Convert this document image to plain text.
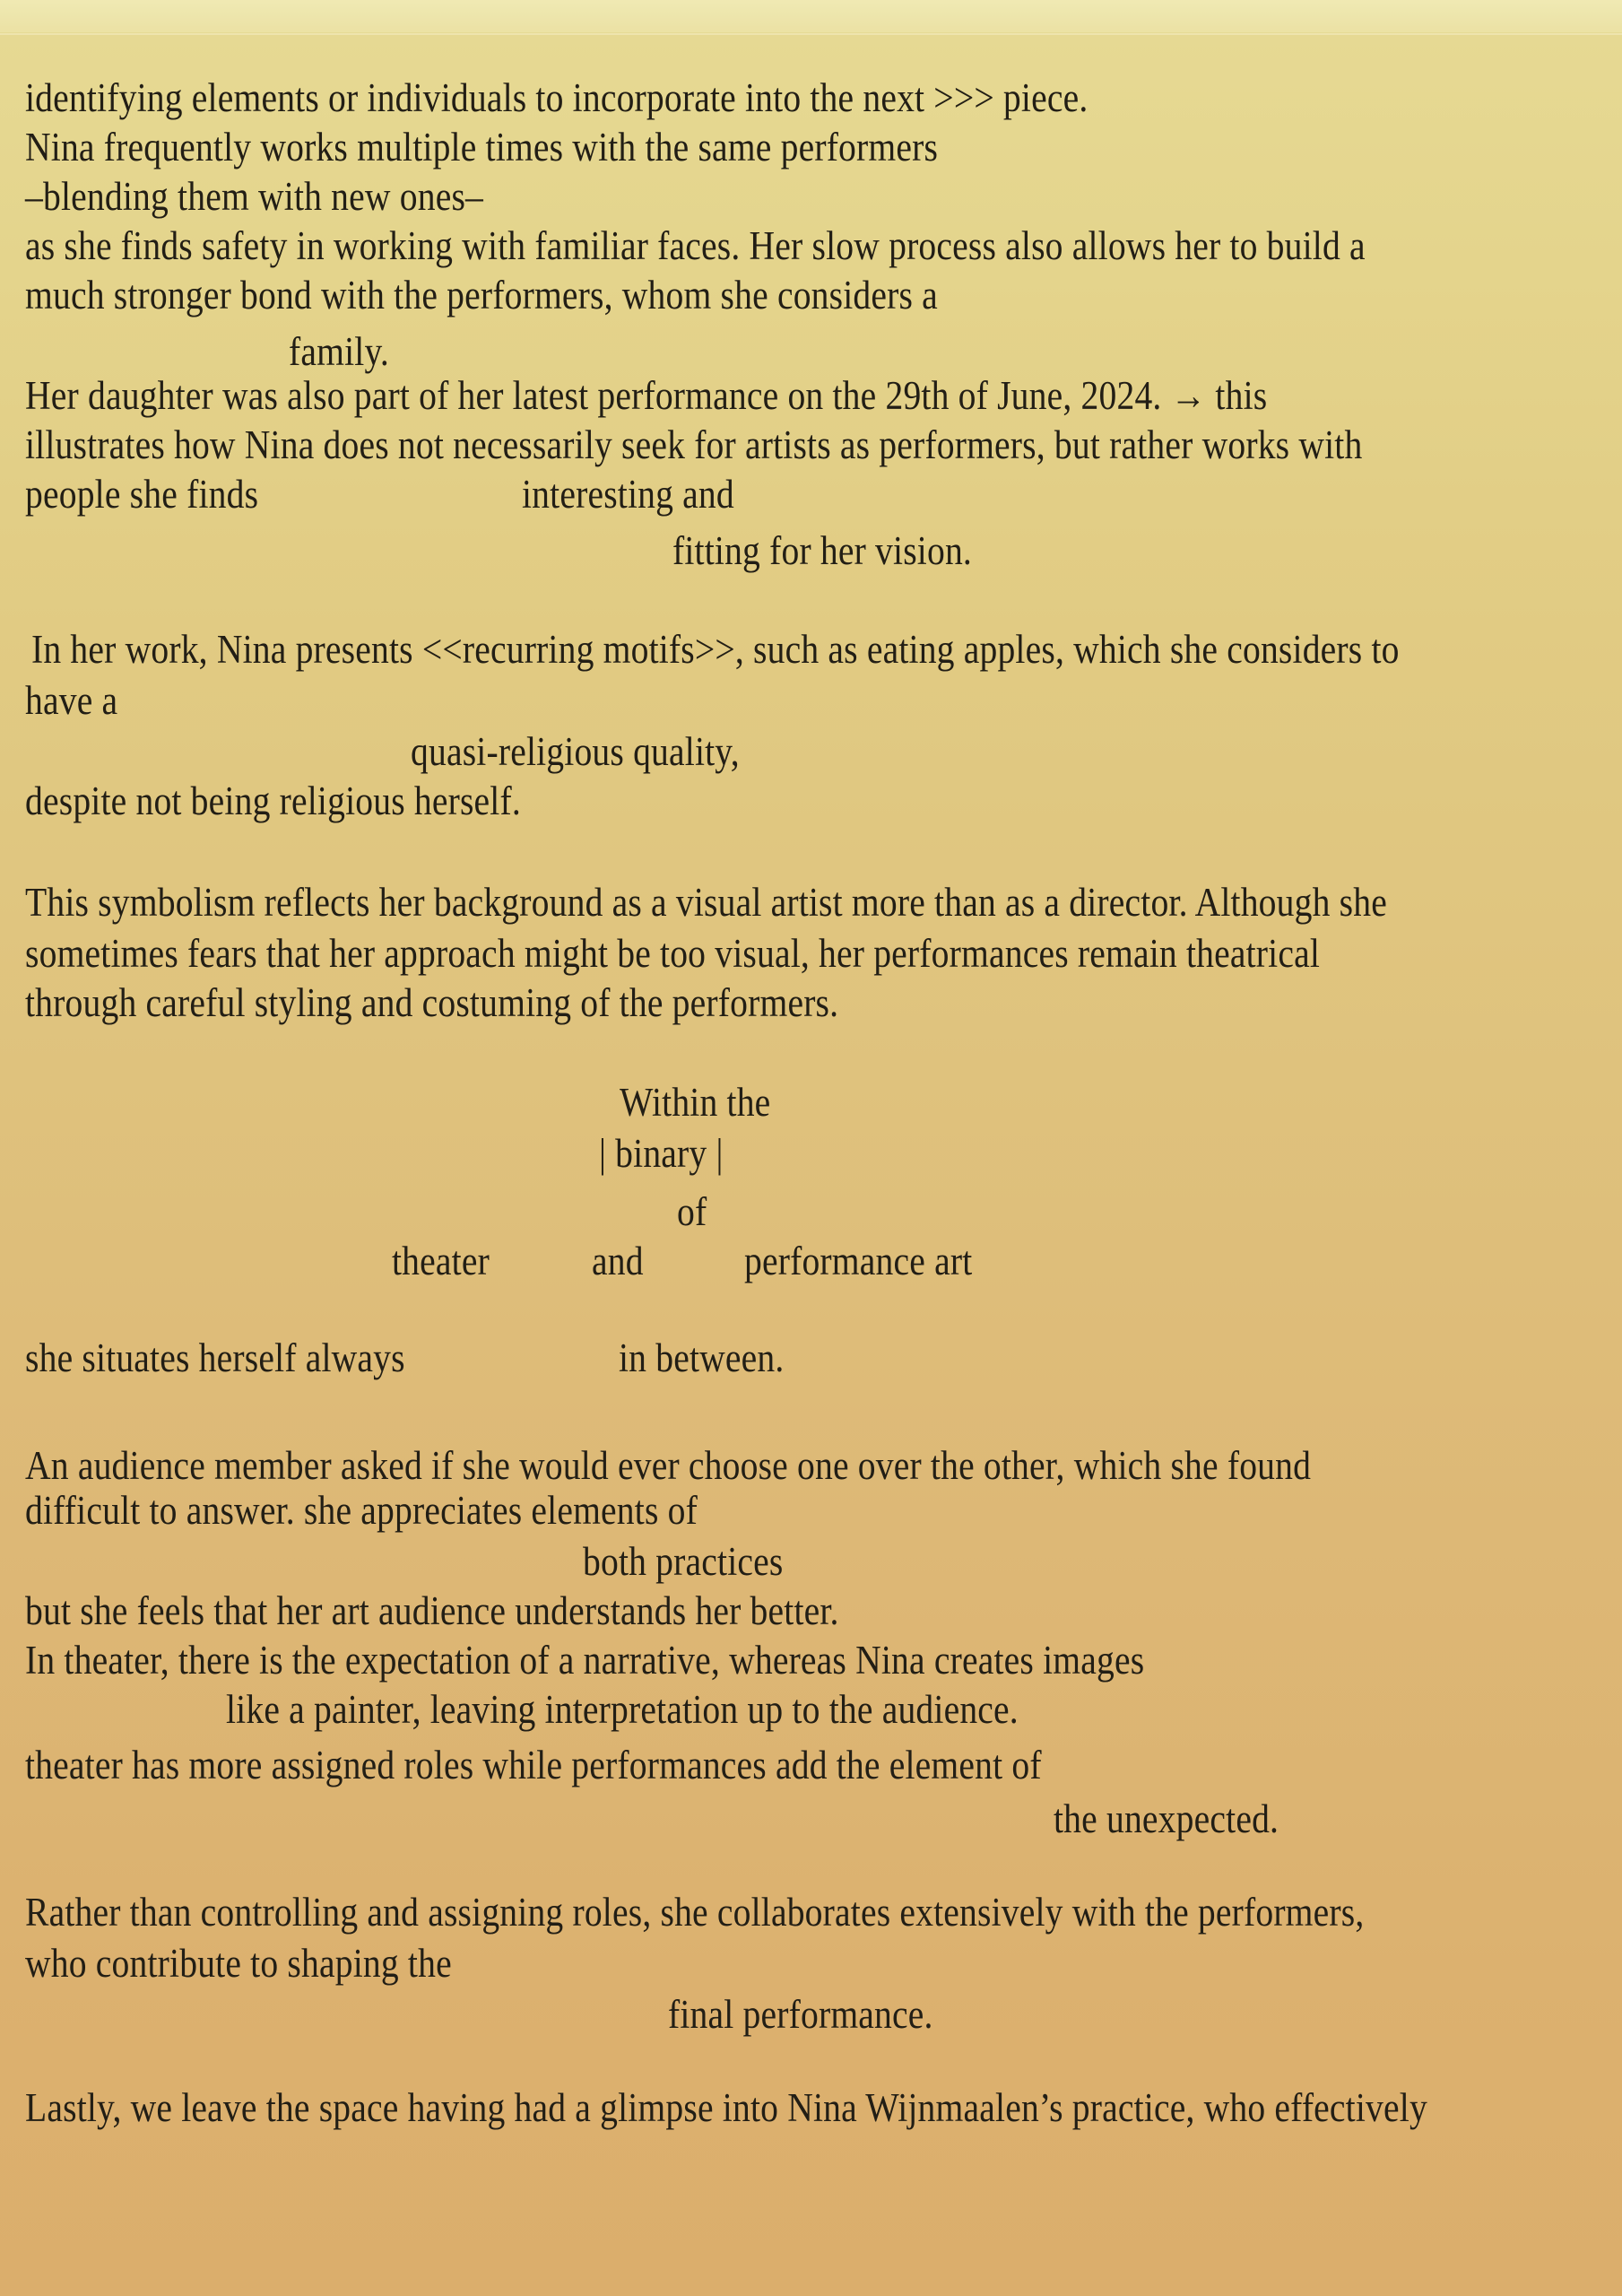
identifying elements or individuals to incorporate into the next >>> piece.
Nina frequently works multiple times with the same performers
–blending them with new ones–
as she finds safety in working with familiar faces. Her slow process also allows her to build a
much stronger bond with the performers, whom she considers a
family.
Her daughter was also part of her latest performance on the 29th of June, 2024. → this
illustrates how Nina does not necessarily seek for artists as performers, but rather works with
people she finds	interesting and
fitting for her vision.
In her work, Nina presents <<recurring motifs>>, such as eating apples, which she considers to
have a
quasi-religious quality,
despite not being religious herself.
This symbolism reflects her background as a visual artist more than as a director. Although she
sometimes fears that her approach might be too visual, her performances remain theatrical
through careful styling and costuming of the performers.
Within the
| binary |
of
theater	and performance art
she situates herself always	in between.
An audience member asked if she would ever choose one over the other, which she found
difficult to answer. she appreciates elements of
both practices
but she feels that her art audience understands her better.
In theater, there is the expectation of a narrative, whereas Nina creates images
like a painter, leaving interpretation up to the audience.
theater has more assigned roles while performances add the element of
the unexpected.
Rather than controlling and assigning roles, she collaborates extensively with the performers,
who contribute to shaping the
final performance.
Lastly, we leave the space having had a glimpse into Nina Wijnmaalen’s practice, who effectively
